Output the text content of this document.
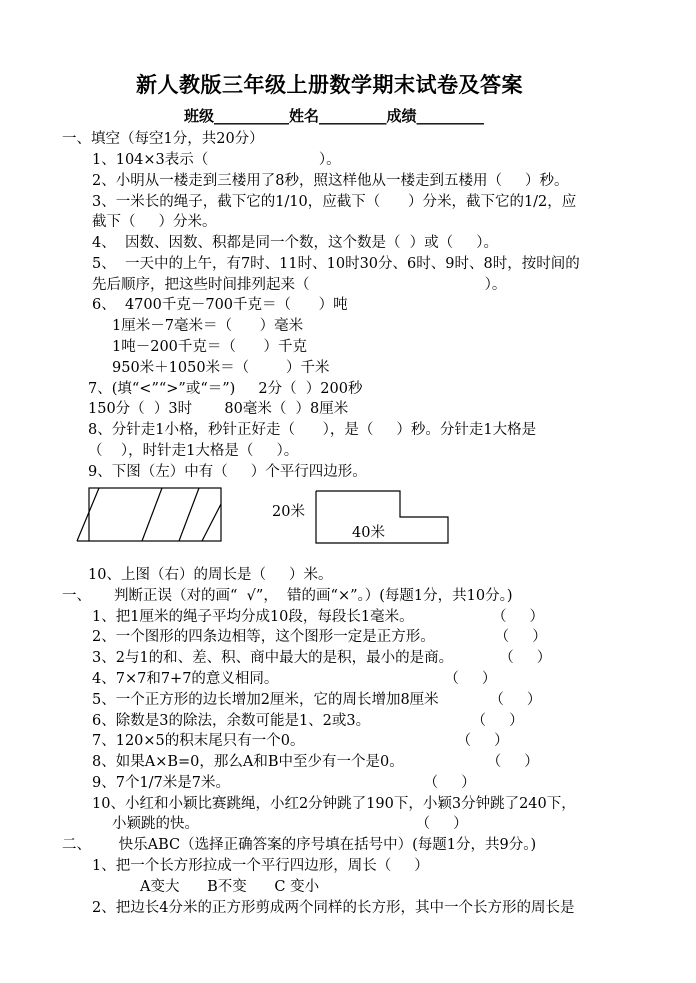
新人教版三年级上册数学期末试卷及答案
班级__________姓名_________成绩_________
一、填空（每空1分，共20分）
1、104×3表示（                        ）。
2、小明从一楼走到三楼用了8秒，照这样他从一楼走到五楼用（     ）秒。
3、一米长的绳子，截下它的1/10，应截下（      ）分米，截下它的1/2，应
截下（     ）分米。
4、  因数、因数、积都是同一个数，这个数是（  ）或（     ）。
5、  一天中的上午，有7时、11时、10时30分、6时、9时、8时，按时间的
先后顺序，把这些时间排列起来（                                      ）。
6、  4700千克－700千克＝（      ）吨
1厘米－7毫米＝（      ）毫米
1吨－200千克＝（      ）千克
950米＋1050米＝（        ）千米
7、(填“<”“>”或“＝”)     2分（  ）200秒
150分（  ）3时       80毫米（  ）8厘米
8、分针走1小格，秒针正好走（      ），是（     ）秒。分针走1大格是
（    ），时针走1大格是（     ）。
9、下图（左）中有（     ）个平行四边形。
20米
40米
10、上图（右）的周长是（     ）米。
一、     判断正误（对的画“  √”，  错的画“×”。）(每题1分，共10分。)
1、把1厘米的绳子平均分成10段，每段长1毫米。                 （     ）
2、一个图形的四条边相等，这个图形一定是正方形。             （     ）
3、2与1的和、差、积、商中最大的是积，最小的是商。          （     ）
4、7×7和7+7的意义相同。                                    （     ）
5、一个正方形的边长增加2厘米，它的周长增加8厘米           （     ）
6、除数是3的除法，余数可能是1、2或3。                      （     ）
7、120×5的积末尾只有一个0。                                 （     ）
8、如果A×B=0，那么A和B中至少有一个是0。                  （     ）
9、7个1/7米是7米。                                          （     ）
10、小红和小颖比赛跳绳，小红2分钟跳了190下，小颖3分钟跳了240下，
小颖跳的快。                                               （     ）
二、      快乐ABC（选择正确答案的序号填在括号中）(每题1分，共9分。)
1、把一个长方形拉成一个平行四边形，周长（     ）
A变大      B不变      C 变小
2、把边长4分米的正方形剪成两个同样的长方形，其中一个长方形的周长是
